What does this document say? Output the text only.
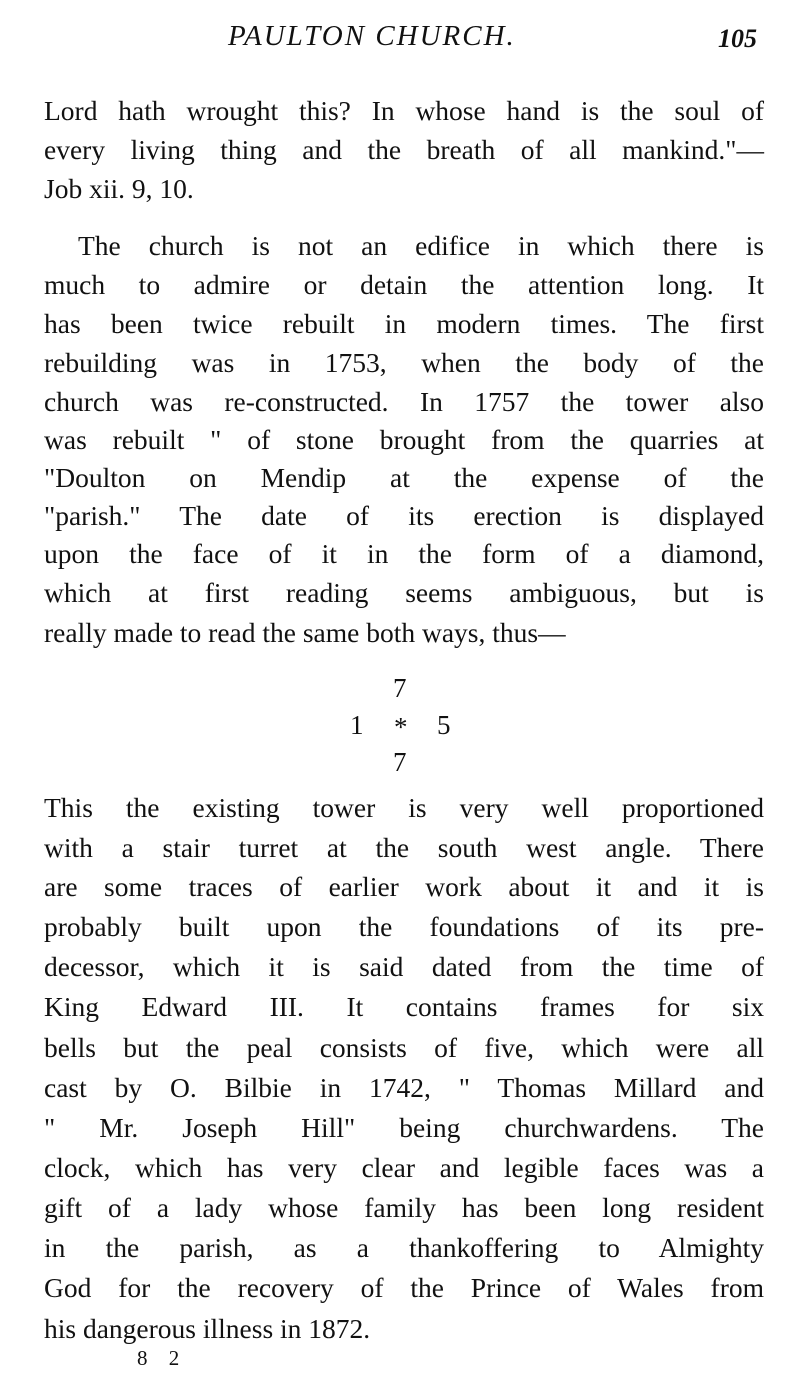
PAULTON CHURCH.	105
Lord hath wrought this? In whose hand is the soul of
every living thing and the breath of all mankind."—
Job xii. 9, 10.
The church is not an edifice in which there is
much to admire or detain the attention long. It
has been twice rebuilt in modern times. The first
rebuilding was in 1753, when the body of the
church was re-constructed. In 1757 the tower also
was rebuilt " of stone brought from the quarries at
"Doulton on Mendip at the expense of the
"parish." The date of its erection is displayed
upon the face of it in the form of a diamond,
which at first reading seems ambiguous, but is
really made to read the same both ways, thus—
7
1 * 5
7
This the existing tower is very well proportioned
with a stair turret at the south west angle. There
are some traces of earlier work about it and it is
probably built upon the foundations of its pre-
decessor, which it is said dated from the time of
King Edward III. It contains frames for six
bells but the peal consists of five, which were all
cast by O. Bilbie in 1742, " Thomas Millard and
" Mr. Joseph Hill" being churchwardens. The
clock, which has very clear and legible faces was a
gift of a lady whose family has been long resident
in the parish, as a thankoffering to Almighty
God for the recovery of the Prince of Wales from
his dangerous illness in 1872.
8 2
